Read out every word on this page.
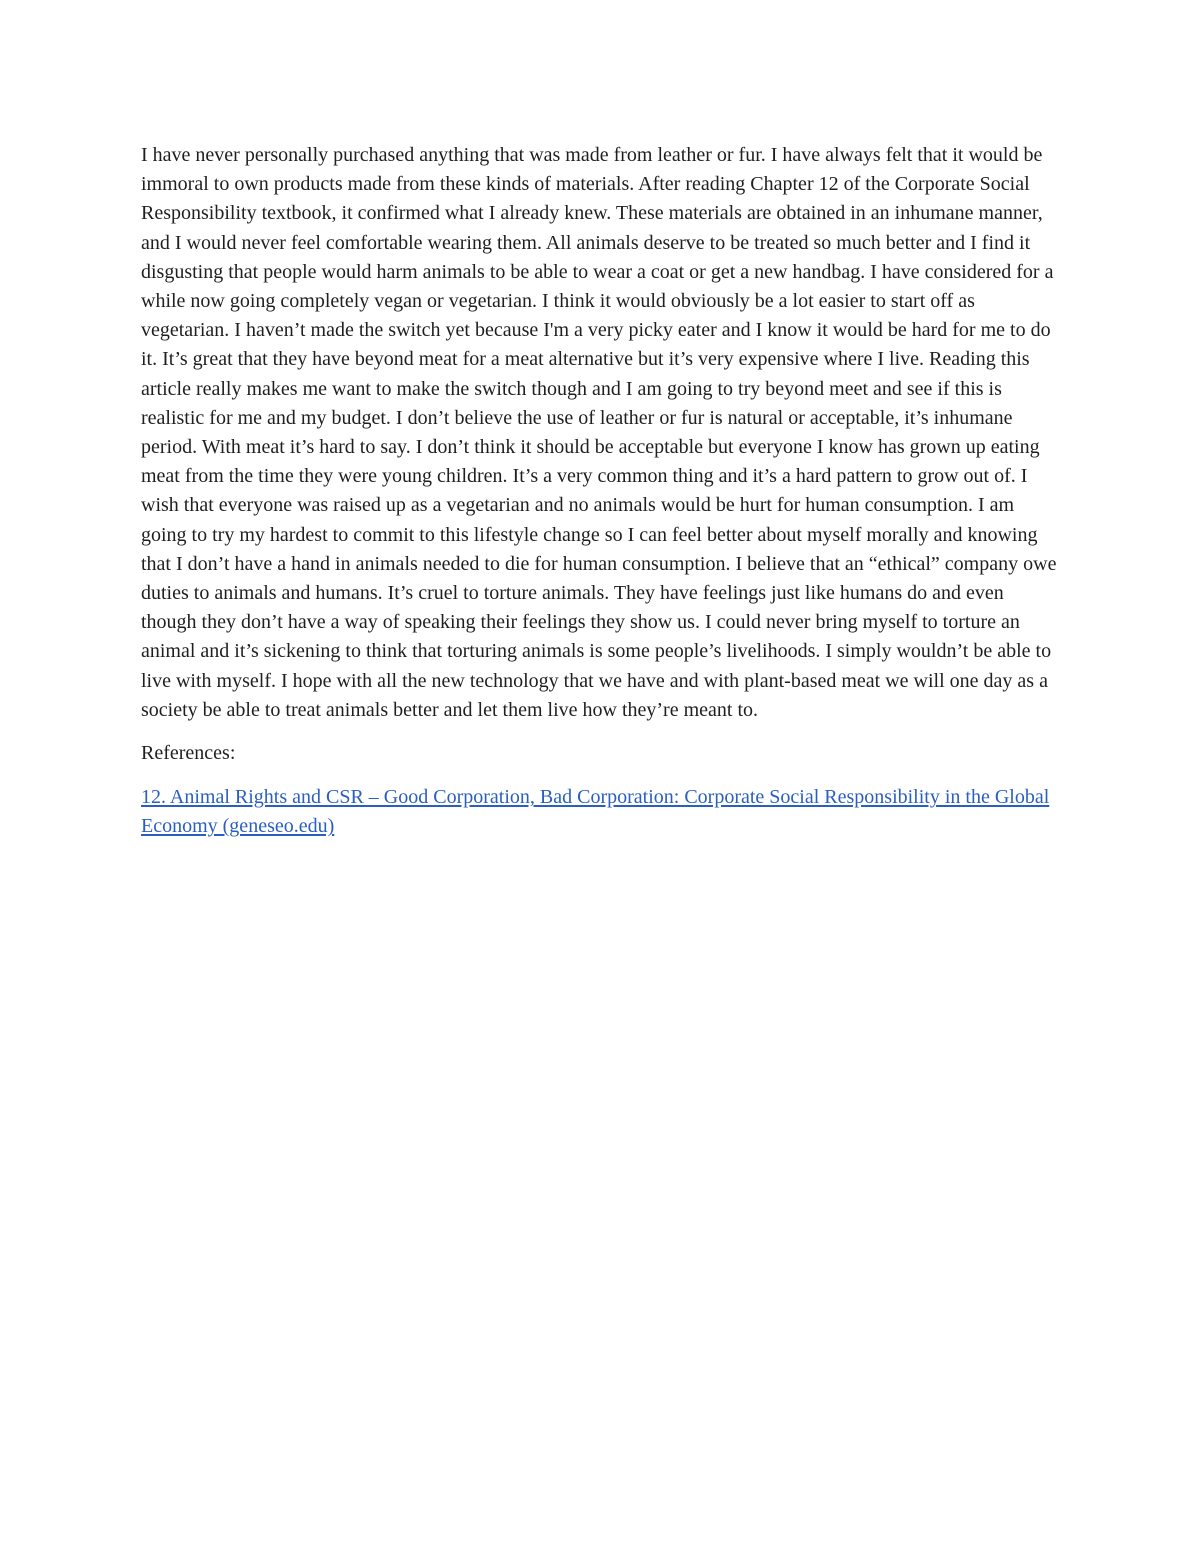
I have never personally purchased anything that was made from leather or fur. I have always felt that it would be immoral to own products made from these kinds of materials. After reading Chapter 12 of the Corporate Social Responsibility textbook, it confirmed what I already knew. These materials are obtained in an inhumane manner, and I would never feel comfortable wearing them. All animals deserve to be treated so much better and I find it disgusting that people would harm animals to be able to wear a coat or get a new handbag. I have considered for a while now going completely vegan or vegetarian. I think it would obviously be a lot easier to start off as vegetarian. I haven’t made the switch yet because I'm a very picky eater and I know it would be hard for me to do it. It’s great that they have beyond meat for a meat alternative but it’s very expensive where I live. Reading this article really makes me want to make the switch though and I am going to try beyond meet and see if this is realistic for me and my budget. I don’t believe the use of leather or fur is natural or acceptable, it’s inhumane period. With meat it’s hard to say. I don’t think it should be acceptable but everyone I know has grown up eating meat from the time they were young children. It’s a very common thing and it’s a hard pattern to grow out of. I wish that everyone was raised up as a vegetarian and no animals would be hurt for human consumption. I am going to try my hardest to commit to this lifestyle change so I can feel better about myself morally and knowing that I don’t have a hand in animals needed to die for human consumption. I believe that an “ethical” company owe duties to animals and humans. It’s cruel to torture animals. They have feelings just like humans do and even though they don’t have a way of speaking their feelings they show us. I could never bring myself to torture an animal and it’s sickening to think that torturing animals is some people’s livelihoods. I simply wouldn’t be able to live with myself. I hope with all the new technology that we have and with plant-based meat we will one day as a society be able to treat animals better and let them live how they’re meant to.

References:

12. Animal Rights and CSR – Good Corporation, Bad Corporation: Corporate Social Responsibility in the Global Economy (geneseo.edu)
